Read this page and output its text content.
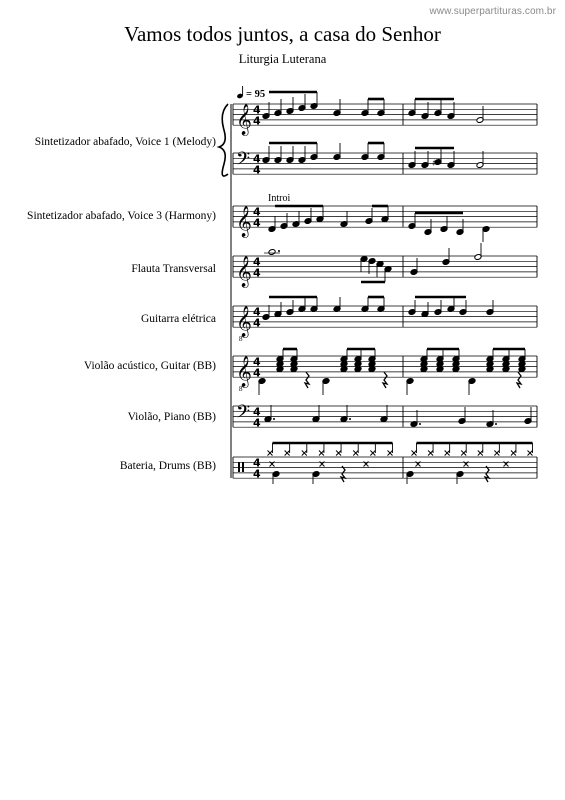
www.superpartituras.com.br
Vamos todos juntos, a casa do Senhor
Liturgia Luterana
Sintetizador abafado, Voice 1 (Melody)
Sintetizador abafado, Voice 3 (Harmony)
Flauta Transversal
Guitarra elétrica
Violão acústico, Guitar (BB)
Violão, Piano (BB)
Bateria, Drums (BB)
𝄞 4
4
𝄢 4
4
𝄞 4
4
𝄞 4
4
𝄞
8
4
4
𝄞
8
4
4
𝄢 4
4
4
4
♯
= 95
Introi
